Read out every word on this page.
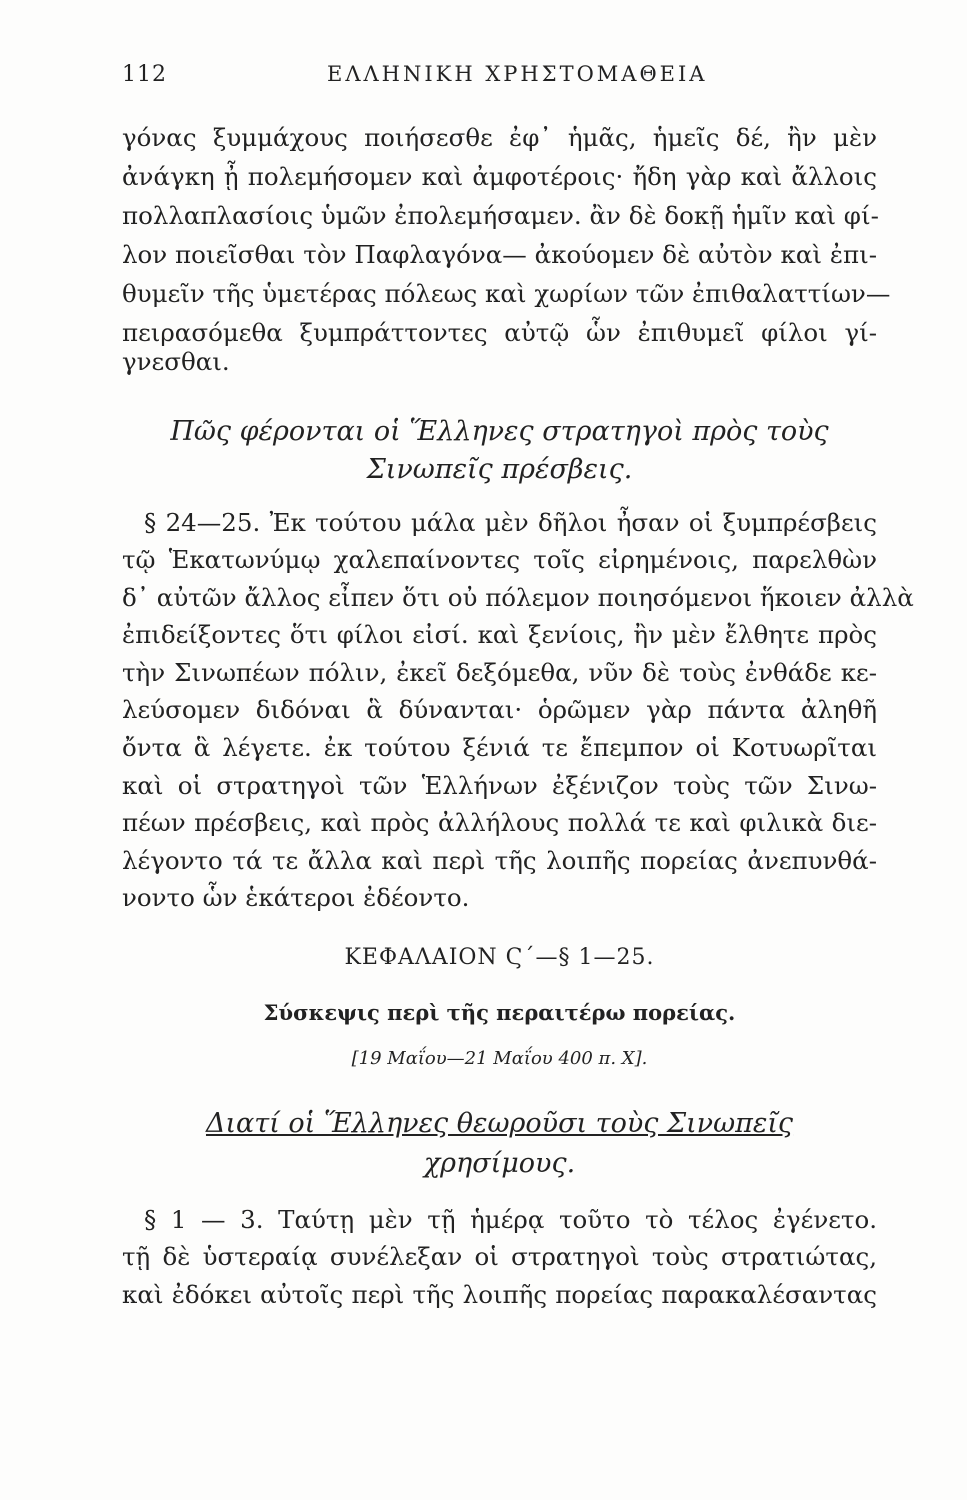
112	ΕΛΛΗΝΙΚΗ ΧΡΗΣΤΟΜΑΘΕΙΑ
γόνας ξυμμάχους ποιήσεσθε ἐφ᾽ ἡμᾶς, ἡμεῖς δέ, ἢν μὲν
ἀνάγκη ᾖ πολεμήσομεν καὶ ἀμφοτέροις· ἤδη γὰρ καὶ ἄλλοις
πολλαπλασίοις ὑμῶν ἐπολεμήσαμεν. ἂν δὲ δοκῇ ἡμῖν καὶ φί-
λον ποιεῖσθαι τὸν Παφλαγόνα— ἀκούομεν δὲ αὐτὸν καὶ ἐπι-
θυμεῖν τῆς ὑμετέρας πόλεως καὶ χωρίων τῶν ἐπιθαλαττίων—
πειρασόμεθα ξυμπράττοντες αὐτῷ ὧν ἐπιθυμεῖ φίλοι γί-
γνεσθαι.
Πῶς φέρονται οἱ Ἕλληνες στρατηγοὶ πρὸς τοὺς
Σινωπεῖς πρέσβεις.
§ 24—25. Ἐκ τούτου μάλα μὲν δῆλοι ἦσαν οἱ ξυμπρέσβεις
τῷ Ἑκατωνύμῳ χαλεπαίνοντες τοῖς εἰρημένοις, παρελθὼν
δ᾽ αὐτῶν ἄλλος εἶπεν ὅτι οὐ πόλεμον ποιησόμενοι ἥκοιεν ἀλλὰ
ἐπιδείξοντες ὅτι φίλοι εἰσί. καὶ ξενίοις, ἢν μὲν ἔλθητε πρὸς
τὴν Σινωπέων πόλιν, ἐκεῖ δεξόμεθα, νῦν δὲ τοὺς ἐνθάδε κε-
λεύσομεν διδόναι ἃ δύνανται· ὁρῶμεν γὰρ πάντα ἀληθῆ
ὄντα ἃ λέγετε. ἐκ τούτου ξένιά τε ἔπεμπον οἱ Κοτυωρῖται
καὶ οἱ στρατηγοὶ τῶν Ἑλλήνων ἐξένιζον τοὺς τῶν Σινω-
πέων πρέσβεις, καὶ πρὸς ἀλλήλους πολλά τε καὶ φιλικὰ διε-
λέγοντο τά τε ἄλλα καὶ περὶ τῆς λοιπῆς πορείας ἀνεπυνθά-
νοντο ὧν ἑκάτεροι ἐδέοντο.
ΚΕΦΑΛΑΙΟΝ Ϛ΄—§ 1—25.
Σύσκεψις περὶ τῆς περαιτέρω πορείας.
[19 Μαΐου—21 Μαΐου 400 π. Χ].
Διατί οἱ Ἕλληνες θεωροῦσι τοὺς Σινωπεῖς
χρησίμους.
§ 1 — 3. Ταύτῃ μὲν τῇ ἡμέρᾳ τοῦτο τὸ τέλος ἐγένετο.
τῇ δὲ ὑστεραίᾳ συνέλεξαν οἱ στρατηγοὶ τοὺς στρατιώτας,
καὶ ἐδόκει αὐτοῖς περὶ τῆς λοιπῆς πορείας παρακαλέσαντας
